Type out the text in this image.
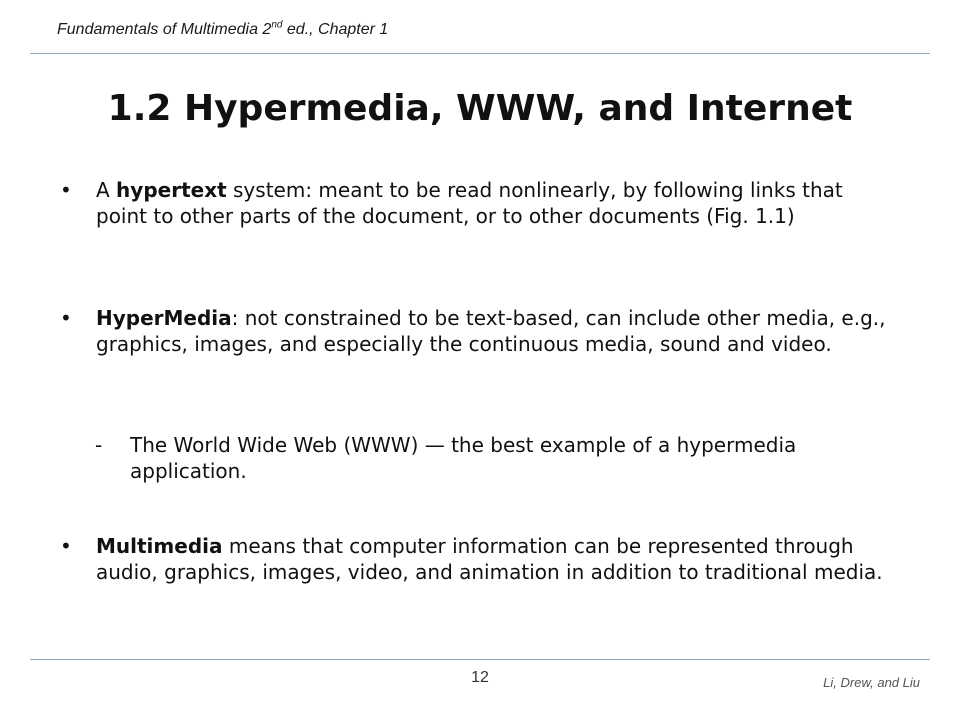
Fundamentals of Multimedia 2nd ed., Chapter 1
1.2 Hypermedia, WWW, and Internet
•	A hypertext system: meant to be read nonlinearly, by following links that point to other parts of the document, or to other documents (Fig. 1.1)
•	HyperMedia: not constrained to be text-based, can include other media, e.g., graphics, images, and especially the continuous media, sound and video.
-	The World Wide Web (WWW) — the best example of a hypermedia application.
•	Multimedia means that computer information can be represented through audio, graphics, images, video, and animation in addition to traditional media.
12	Li, Drew, and Liu
